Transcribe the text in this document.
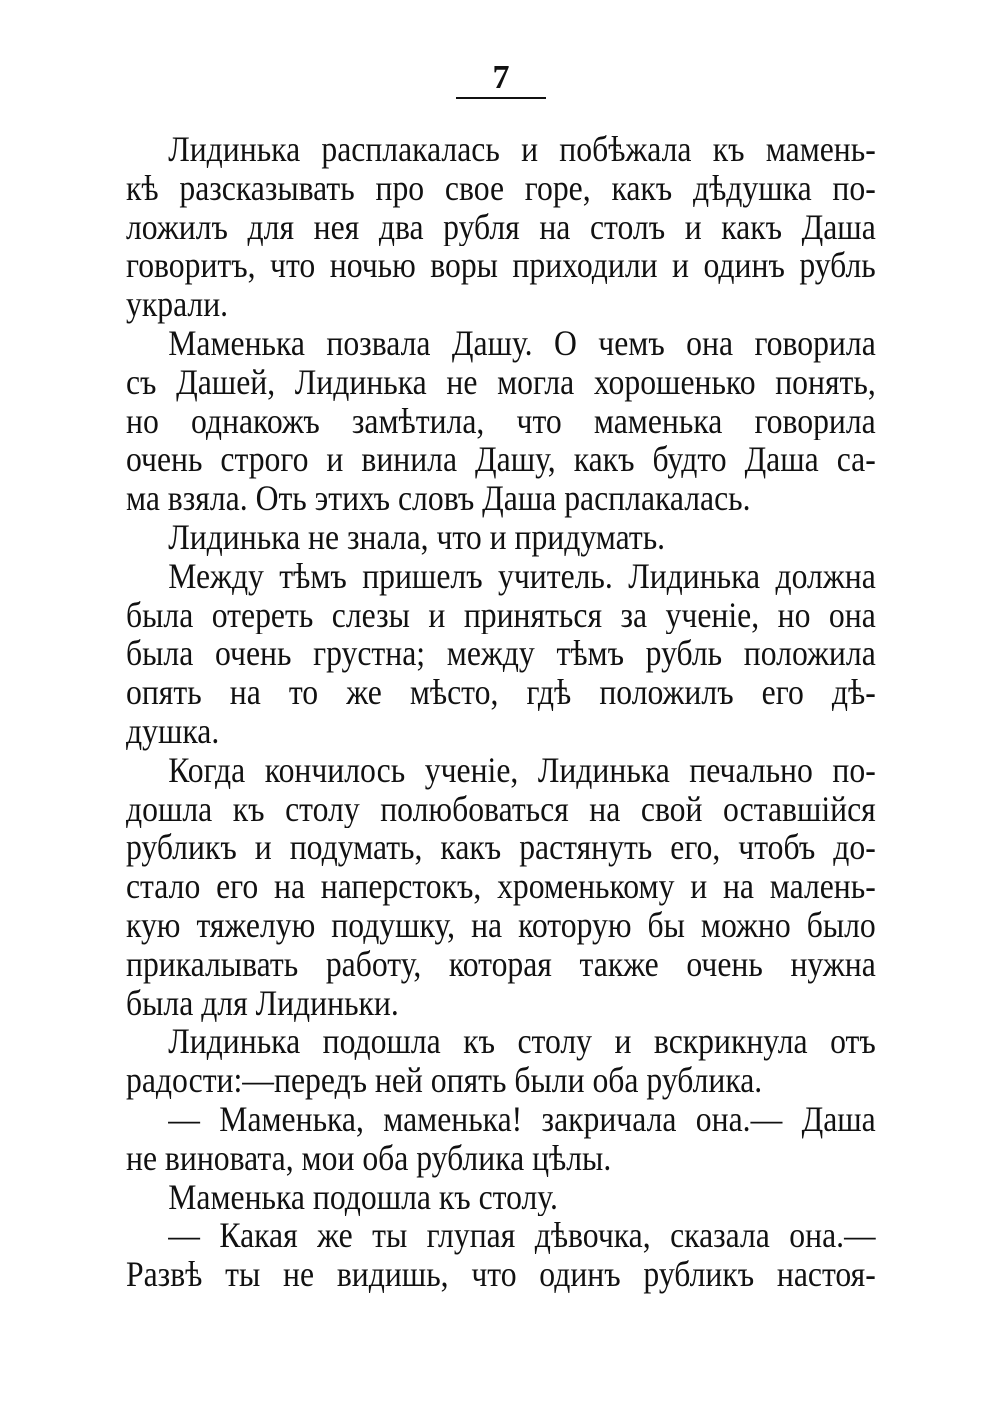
7
Лидинька расплакалась и побѣжала къ мамень-
кѣ разсказывать про свое горе, какъ дѣдушка по-
ложилъ для нея два рубля на столъ и какъ Даша
говоритъ, что ночью воры приходили и одинъ рубль
украли.
Маменька позвала Дашу. О чемъ она говорила
съ Дашей, Лидинька не могла хорошенько понять,
но однакожъ замѣтила, что маменька говорила
очень строго и винила Дашу, какъ будто Даша са-
ма взяла. Оть этихъ словъ Даша расплакалась.
Лидинька не знала, что и придумать.
Между тѣмъ пришелъ учитель. Лидинька должна
была отереть слезы и приняться за ученіе, но она
была очень грустна; между тѣмъ рубль положила
опять на то же мѣсто, гдѣ положилъ его дѣ-
душка.
Когда кончилось ученіе, Лидинька печально по-
дошла къ столу полюбоваться на свой оставшійся
рубликъ и подумать, какъ растянуть его, чтобъ до-
стало его на наперстокъ, хроменькому и на малень-
кую тяжелую подушку, на которую бы можно было
прикалывать работу, которая также очень нужна
была для Лидиньки.
Лидинька подошла къ столу и вскрикнула отъ
радости:—передъ ней опять были оба рублика.
— Маменька, маменька! закричала она.— Даша
не виновата, мои оба рублика цѣлы.
Маменька подошла къ столу.
— Какая же ты глупая дѣвочка, сказала она.—
Развѣ ты не видишь, что одинъ рубликъ настоя-
